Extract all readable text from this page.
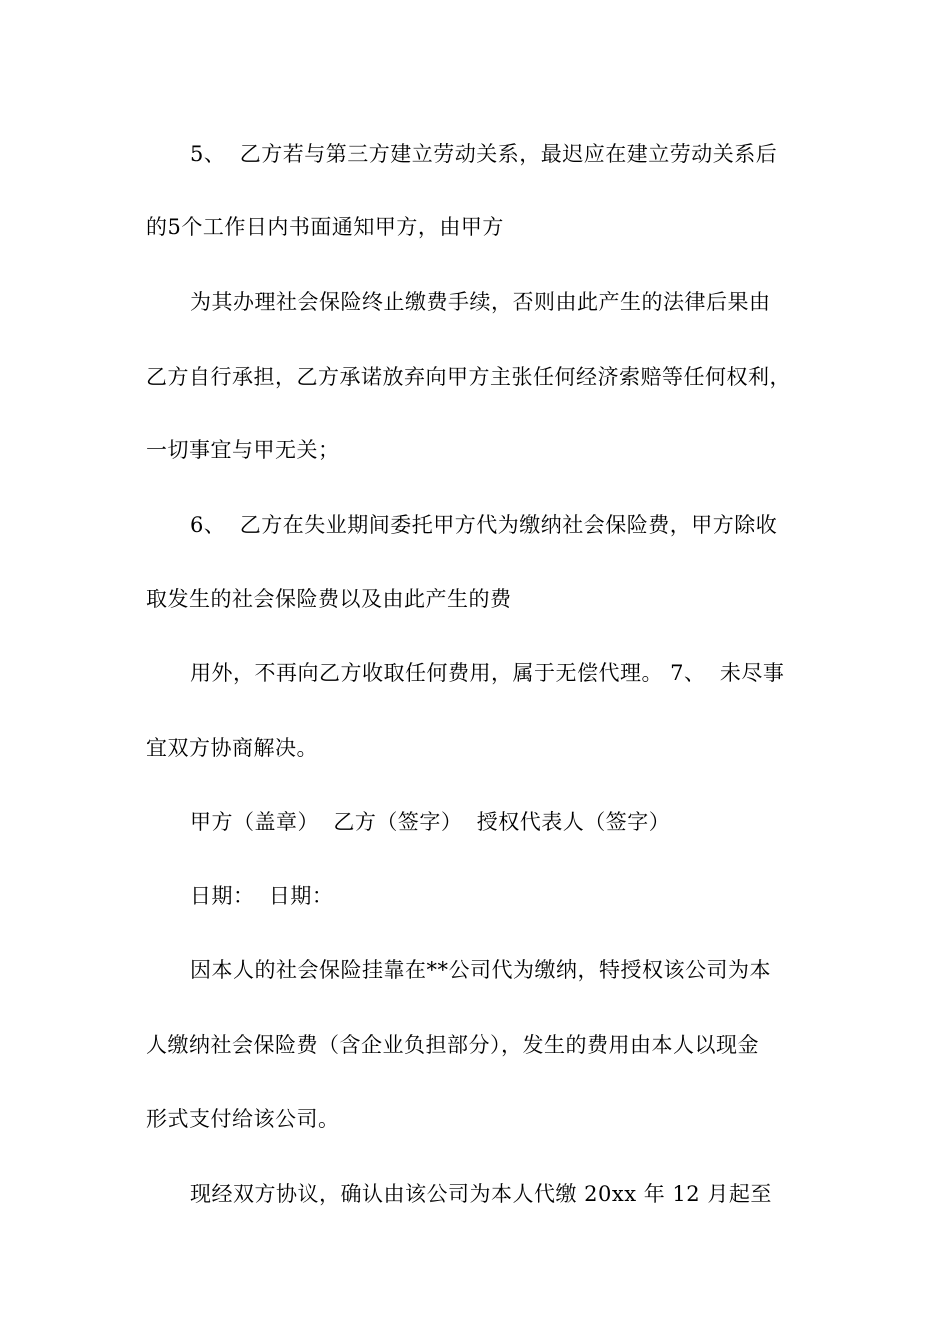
5、  乙方若与第三方建立劳动关系，最迟应在建立劳动关系后
的5个工作日内书面通知甲方，由甲方
为其办理社会保险终止缴费手续，否则由此产生的法律后果由
乙方自行承担，乙方承诺放弃向甲方主张任何经济索赔等任何权利，
一切事宜与甲无关；
6、  乙方在失业期间委托甲方代为缴纳社会保险费，甲方除收
取发生的社会保险费以及由此产生的费
用外，不再向乙方收取任何费用，属于无偿代理。 7、  未尽事
宜双方协商解决。
甲方（盖章）  乙方（签字）  授权代表人（签字）
日期：  日期：
因本人的社会保险挂靠在**公司代为缴纳，特授权该公司为本
人缴纳社会保险费（含企业负担部分），发生的费用由本人以现金
形式支付给该公司。
现经双方协议，确认由该公司为本人代缴 20xx 年 12 月起至
